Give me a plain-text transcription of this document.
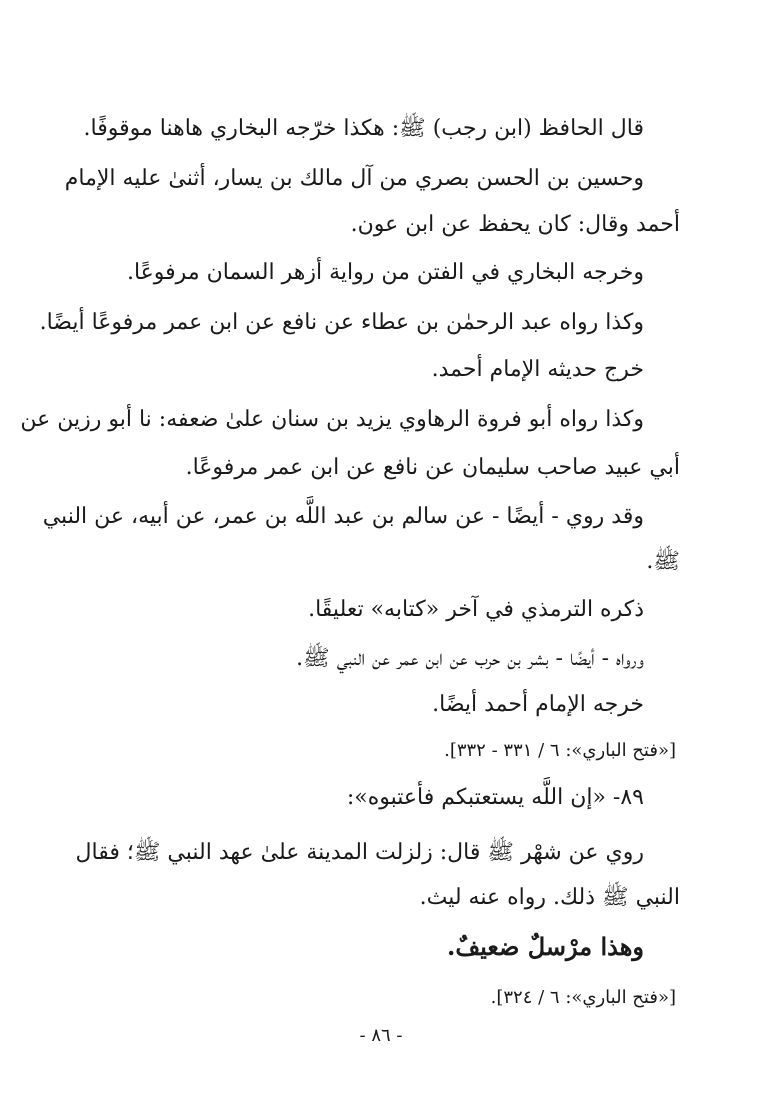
قال الحافظ (ابن رجب) ﷺ: هكذا خرّجه البخاري هاهنا موقوفًا.
وحسين بن الحسن بصري من آل مالك بن يسار، أثنىٰ عليه الإمام
أحمد وقال: كان يحفظ عن ابن عون.
وخرجه البخاري في الفتن من رواية أزهر السمان مرفوعًا.
وكذا رواه عبد الرحمٰن بن عطاء عن نافع عن ابن عمر مرفوعًا أيضًا.
خرج حديثه الإمام أحمد.
وكذا رواه أبو فروة الرهاوي يزيد بن سنان علىٰ ضعفه: نا أبو رزين عن
أبي عبيد صاحب سليمان عن نافع عن ابن عمر مرفوعًا.
وقد روي - أيضًا - عن سالم بن عبد اللَّه بن عمر، عن أبيه، عن النبي
ﷺ.
ذكره الترمذي في آخر «كتابه» تعليقًا.
ورواه - أيضًا - بشر بن حرب عن ابن عمر عن النبي ﷺ.
خرجه الإمام أحمد أيضًا.
[«فتح الباري»: ٦ / ٣٣١ - ٣٣٢].
٨٩- «إن اللَّه يستعتبكم فأعتبوه»:
روي عن شهْر ﷺ قال: زلزلت المدينة علىٰ عهد النبي ﷺ؛ فقال
النبي ﷺ ذلك. رواه عنه ليث.
وهذا مرْسلٌ ضعيفٌ.
[«فتح الباري»: ٦ / ٣٢٤].
- ٨٦ -
